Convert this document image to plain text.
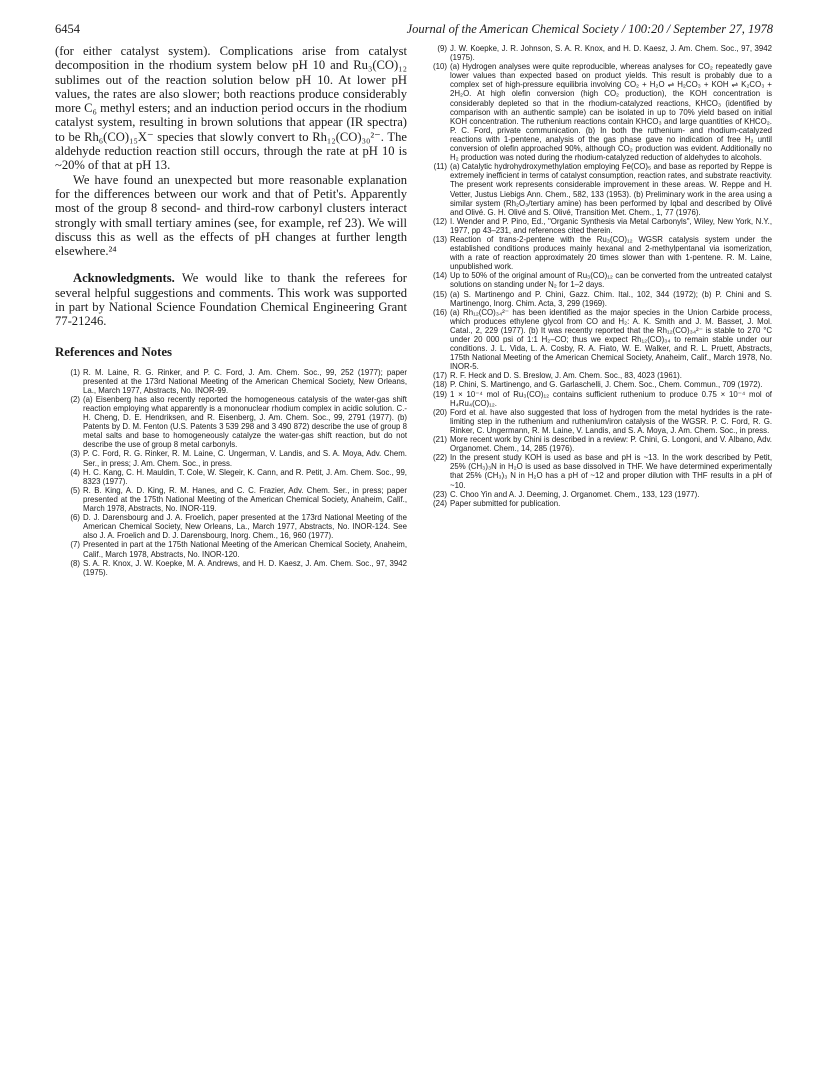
6454	Journal of the American Chemical Society / 100:20 / September 27, 1978

(for either catalyst system). Complications arise from catalyst decomposition in the rhodium system below pH 10 and Ru₃(CO)₁₂ sublimes out of the reaction solution below pH 10. At lower pH values, the rates are also slower; both reactions produce considerably more C₆ methyl esters; and an induction period occurs in the rhodium catalyst system, resulting in brown solutions that appear (IR spectra) to be Rh₆(CO)₁₅X⁻ species that slowly convert to Rh₁₂(CO)₃₀²⁻. The aldehyde reduction reaction still occurs, through the rate at pH 10 is ~20% of that at pH 13.

We have found an unexpected but more reasonable explanation for the differences between our work and that of Petit's. Apparently most of the group 8 second- and third-row carbonyl clusters interact strongly with small tertiary amines (see, for example, ref 23). We will discuss this as well as the effects of pH changes at further length elsewhere.²⁴

Acknowledgments. We would like to thank the referees for several helpful suggestions and comments. This work was supported in part by National Science Foundation Chemical Engineering Grant 77-21246.

References and Notes
( 1 ) R. M. Laine, R. G. Rinker, and P. C. Ford, J. Am. Chem. Soc., 99, 252 (1977); paper presented at the 173rd National Meeting of the American Chemical Society, New Orleans, La., March 1977, Abstracts, No. INOR-99.
( 2 ) (a) Eisenberg has also recently reported the homogeneous catalysis of the water-gas shift reaction employing what apparently is a mononuclear rhodium complex in acidic solution. C.-H. Cheng, D. E. Hendriksen, and R. Eisenberg, J. Am. Chem. Soc., 99, 2791 (1977). (b) Patents by D. M. Fenton (U.S. Patents 3 539 298 and 3 490 872) describe the use of group 8 metal salts and base to homogeneously catalyze the water-gas shift reaction, but do not describe the use of group 8 metal carbonyls.
( 3 ) P. C. Ford, R. G. Rinker, R. M. Laine, C. Ungerman, V. Landis, and S. A. Moya, Adv. Chem. Ser., in press; J. Am. Chem. Soc., in press.
( 4 ) H. C. Kang, C. H. Mauldin, T. Cole, W. Slegeir, K. Cann, and R. Petit, J. Am. Chem. Soc., 99, 8323 (1977).
( 5 ) R. B. King, A. D. King, R. M. Hanes, and C. C. Frazier, Adv. Chem. Ser., in press; paper presented at the 175th National Meeting of the American Chemical Society, Anaheim, Calif., March 1978, Abstracts, No. INOR-119.
( 6 ) D. J. Darensbourg and J. A. Froelich, paper presented at the 173rd National Meeting of the American Chemical Society, New Orleans, La., March 1977, Abstracts, No. INOR-124. See also J. A. Froelich and D. J. Darensbourg, Inorg. Chem., 16, 960 (1977).
( 7 ) Presented in part at the 175th National Meeting of the American Chemical Society, Anaheim, Calif., March 1978, Abstracts, No. INOR-120.
( 8 ) S. A. R. Knox, J. W. Koepke, M. A. Andrews, and H. D. Kaesz, J. Am. Chem. Soc., 97, 3942 (1975).
( 9 ) J. W. Koepke, J. R. Johnson, S. A. R. Knox, and H. D. Kaesz, J. Am. Chem. Soc., 97, 3942 (1975).
( 10 ) (a) Hydrogen analyses were quite reproducible, whereas analyses for CO₂ repeatedly gave lower values than expected based on product yields. This result is probably due to a complex set of high-pressure equilibria involving CO₂ + H₂O ⇌ H₂CO₃ + KOH ⇌ K₂CO₃ + 2H₂O. At high olefin conversion (high CO₂ production), the KOH concentration is considerably depleted so that in the rhodium-catalyzed reactions, KHCO₃ (identified by comparison with an authentic sample) can be isolated in up to 70% yield based on initial KOH concentration. The ruthenium reactions contain KHCO₃ and large quantities of KHCO₂. P. C. Ford, private communication. (b) In both the ruthenium- and rhodium-catalyzed reactions with 1-pentene, analysis of the gas phase gave no indication of free H₂ until conversion of olefin approached 90%, although CO₂ production was evident. Additionally no H₂ production was noted during the rhodium-catalyzed reduction of aldehydes to alcohols.
( 11 ) (a) Catalytic hydrohydroxymethylation employing Fe(CO)₅ and base as reported by Reppe is extremely inefficient in terms of catalyst consumption, reaction rates, and substrate reactivity. The present work represents considerable improvement in these areas. W. Reppe and H. Vetter, Justus Liebigs Ann. Chem., 582, 133 (1953). (b) Preliminary work in the area using a similar system (Rh₂O₃/tertiary amine) has been performed by Iqbal and described by Olivé and Olivé. G. H. Olivé and S. Olivé, Transition Met. Chem., 1, 77 (1976).
( 12 ) I. Wender and P. Pino, Ed., "Organic Synthesis via Metal Carbonyls", Wiley, New York, N.Y., 1977, pp 43–231, and references cited therein.
( 13 ) Reaction of trans-2-pentene with the Ru₃(CO)₁₂ WGSR catalysis system under the established conditions produces mainly hexanal and 2-methylpentanal via isomerization, with a rate of reaction approximately 20 times slower than with 1-pentene. R. M. Laine, unpublished work.
( 14 ) Up to 50% of the original amount of Ru₃(CO)₁₂ can be converted from the untreated catalyst solutions on standing under N₂ for 1–2 days.
( 15 ) (a) S. Martinengo and P. Chini, Gazz. Chim. Ital., 102, 344 (1972); (b) P. Chini and S. Martinengo, Inorg. Chim. Acta, 3, 299 (1969).
( 16 ) (a) Rh₁₂(CO)₃₄²⁻ has been identified as the major species in the Union Carbide process, which produces ethylene glycol from CO and H₂: A. K. Smith and J. M. Basset, J. Mol. Catal., 2, 229 (1977). (b) It was recently reported that the Rh₁₂(CO)₃₄²⁻ is stable to 270 °C under 20 000 psi of 1:1 H₂–CO; thus we expect Rh₁₂(CO)₃₄ to remain stable under our conditions. J. L. Vida, L. A. Cosby, R. A. Fiato, W. E. Walker, and R. L. Pruett, Abstracts, 175th National Meeting of the American Chemical Society, Anaheim, Calif., March 1978, No. INOR-5.
( 17 ) R. F. Heck and D. S. Breslow, J. Am. Chem. Soc., 83, 4023 (1961).
( 18 ) P. Chini, S. Martinengo, and G. Garlaschelli, J. Chem. Soc., Chem. Commun., 709 (1972).
( 19 ) 1 × 10⁻⁴ mol of Ru₃(CO)₁₂ contains sufficient ruthenium to produce 0.75 × 10⁻⁴ mol of H₄Ru₄(CO)₁₂.
( 20 ) Ford et al. have also suggested that loss of hydrogen from the metal hydrides is the rate-limiting step in the ruthenium and ruthenium/iron catalysis of the WGSR. P. C. Ford, R. G. Rinker, C. Ungermann, R. M. Laine, V. Landis, and S. A. Moya, J. Am. Chem. Soc., in press.
( 21 ) More recent work by Chini is described in a review: P. Chini, G. Longoni, and V. Albano, Adv. Organomet. Chem., 14, 285 (1976).
( 22 ) In the present study KOH is used as base and pH is ~13. In the work described by Petit, 25% (CH₃)₃N in H₂O is used as base dissolved in THF. We have determined experimentally that 25% (CH₃)₃ N in H₂O has a pH of ~12 and proper dilution with THF results in a pH of ~10.
( 23 ) C. Choo Yin and A. J. Deeming, J. Organomet. Chem., 133, 123 (1977).
( 24 ) Paper submitted for publication.
